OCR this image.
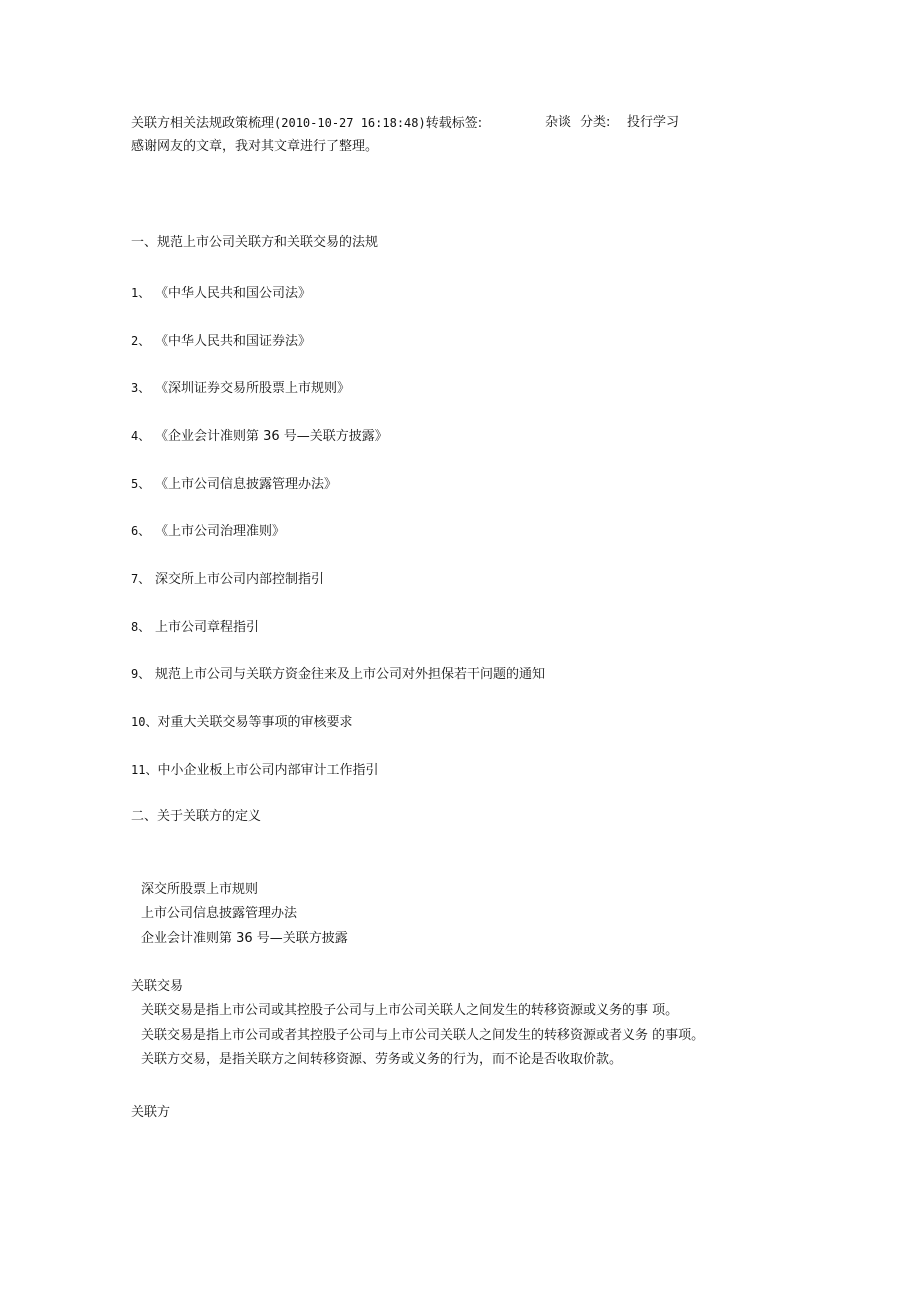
关联方相关法规政策梳理(2010-10-27 16:18:48)转载标签:	杂谈 分类: 投行学习
感谢网友的文章，我对其文章进行了整理。
一、规范上市公司关联方和关联交易的法规
1、 《中华人民共和国公司法》
2、 《中华人民共和国证券法》
3、 《深圳证券交易所股票上市规则》
4、 《企业会计准则第 36 号—关联方披露》
5、 《上市公司信息披露管理办法》
6、 《上市公司治理准则》
7、 深交所上市公司内部控制指引
8、 上市公司章程指引
9、 规范上市公司与关联方资金往来及上市公司对外担保若干问题的通知
10、对重大关联交易等事项的审核要求
11、中小企业板上市公司内部审计工作指引
二、关于关联方的定义
深交所股票上市规则
上市公司信息披露管理办法
企业会计准则第 36 号—关联方披露
关联交易
关联交易是指上市公司或其控股子公司与上市公司关联人之间发生的转移资源或义务的事 项。
关联交易是指上市公司或者其控股子公司与上市公司关联人之间发生的转移资源或者义务 的事项。
关联方交易，是指关联方之间转移资源、劳务或义务的行为，而不论是否收取价款。
关联方
